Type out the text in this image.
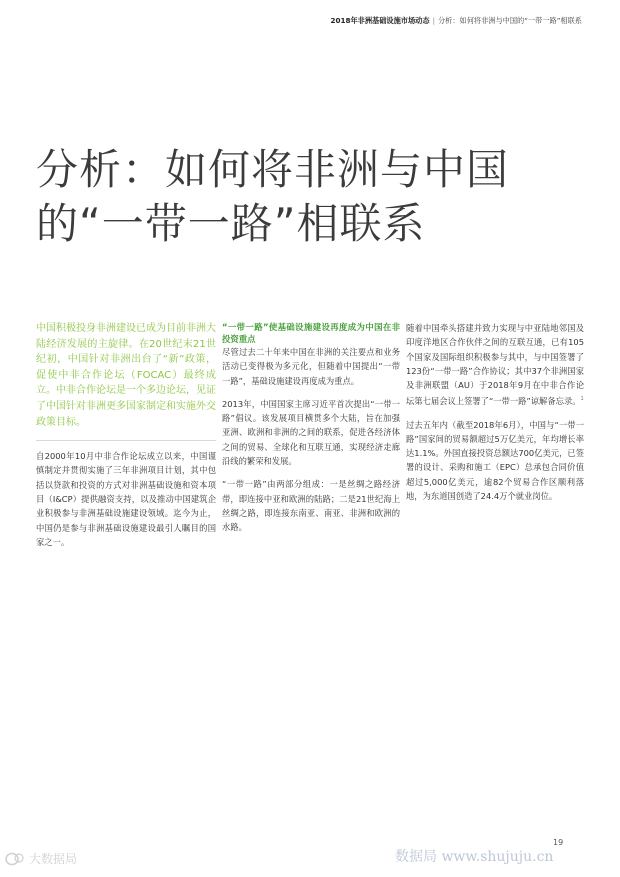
2018年非洲基础设施市场动态 | 分析：如何将非洲与中国的“一带一路”相联系
分析：如何将非洲与中国
的“一带一路”相联系

中国积极投身非洲建设已成为目前非洲大陆经济发展的主旋律。在20世纪末21世纪初，中国针对非洲出台了“新”政策，促使中非合作论坛（FOCAC）最终成立。中非合作论坛是一个多边论坛，见证了中国针对非洲更多国家制定和实施外交政策目标。

自2000年10月中非合作论坛成立以来，中国谨慎制定并贯彻实施了三年非洲项目计划，其中包括以贷款和投资的方式对非洲基础设施和资本项目（I&CP）提供融资支持，以及推动中国建筑企业积极参与非洲基础设施建设领域。迄今为止，中国仍是参与非洲基础设施建设最引人瞩目的国家之一。

“一带一路”使基础设施建设再度成为中国在非投资重点

尽管过去二十年来中国在非洲的关注要点和业务活动已变得极为多元化，但随着中国提出“一带一路”，基础设施建设再度成为重点。

2013年，中国国家主席习近平首次提出“一带一路”倡议。该发展项目横贯多个大陆，旨在加强亚洲、欧洲和非洲的之间的联系，促进各经济体之间的贸易、全球化和互联互通，实现经济走廊沿线的繁荣和发展。

“一带一路”由两部分组成：一是丝绸之路经济带，即连接中亚和欧洲的陆路；二是21世纪海上丝绸之路，即连接东南亚、南亚、非洲和欧洲的水路。

随着中国牵头搭建并致力实现与中亚陆地邻国及印度洋地区合作伙伴之间的互联互通，已有105个国家及国际组织积极参与其中，与中国签署了123份“一带一路”合作协议；其中37个非洲国家及非洲联盟（AU）于2018年9月在中非合作论坛第七届会议上签署了“一带一路”谅解备忘录。$^1$

过去五年内（截至2018年6月），中国与“一带一路”国家间的贸易额超过5万亿美元，年均增长率达1.1%。外国直接投资总额达700亿美元，已签署的设计、采购和施工（EPC）总承包合同价值超过5,000亿美元，逾82个贸易合作区顺利落地，为东道国创造了24.4万个就业岗位。

19
数据局 www.shujuju.cn
大数据局
